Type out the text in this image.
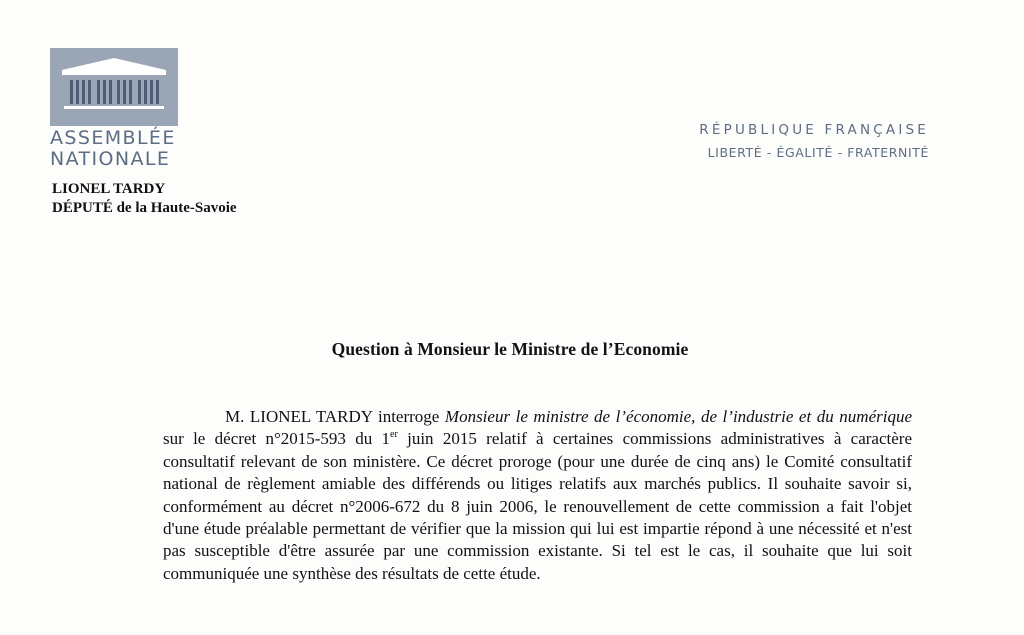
ASSEMBLÉE
NATIONALE
RÉPUBLIQUE FRANÇAISE
LIBERTÉ - ÉGALITÉ - FRATERNITÉ
LIONEL TARDY
DÉPUTÉ de la Haute-Savoie
Question à Monsieur le Ministre de l’Economie

M. LIONEL TARDY interroge Monsieur le ministre de l’économie, de l’industrie et du numérique sur le décret n°2015-593 du 1er juin 2015 relatif à certaines commissions administratives à caractère consultatif relevant de son ministère. Ce décret proroge (pour une durée de cinq ans) le Comité consultatif national de règlement amiable des différends ou litiges relatifs aux marchés publics. Il souhaite savoir si, conformément au décret n°2006-672 du 8 juin 2006, le renouvellement de cette commission a fait l'objet d'une étude préalable permettant de vérifier que la mission qui lui est impartie répond à une nécessité et n'est pas susceptible d'être assurée par une commission existante. Si tel est le cas, il souhaite que lui soit communiquée une synthèse des résultats de cette étude.
